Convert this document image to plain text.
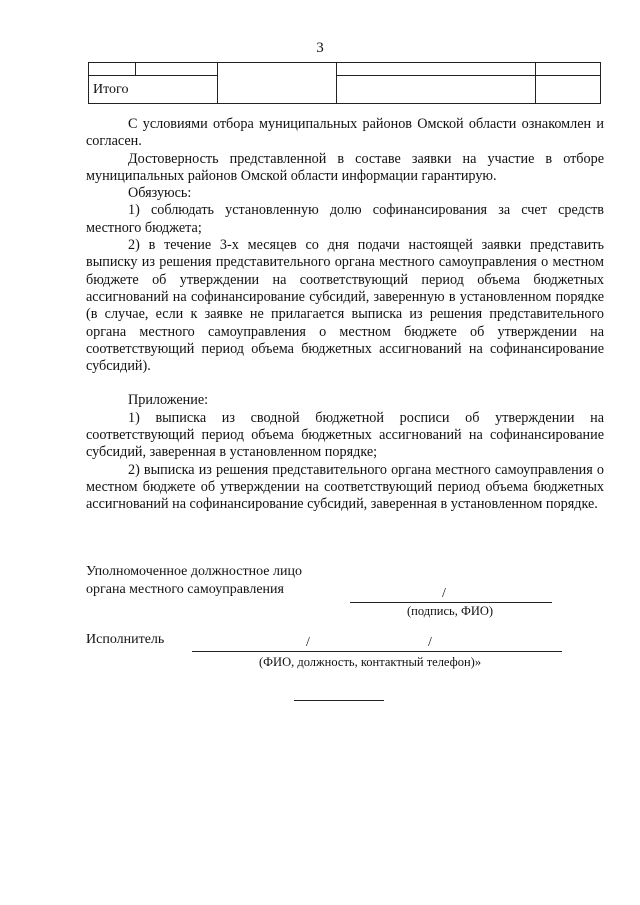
3

Итого				

С условиями отбора муниципальных районов Омской области ознакомлен и согласен.

Достоверность представленной в составе заявки на участие в отборе муниципальных районов Омской области информации гарантирую.

Обязуюсь:

1) соблюдать установленную долю софинансирования за счет средств местного бюджета;

2) в течение 3-х месяцев со дня подачи настоящей заявки представить выписку из решения представительного органа местного самоуправления о местном бюджете об утверждении на соответствующий период объема бюджетных ассигнований на софинансирование субсидий, заверенную в установленном порядке (в случае, если к заявке не прилагается выписка из решения представительного органа местного самоуправления о местном бюджете об утверждении на соответствующий период объема бюджетных ассигнований на софинансирование субсидий).

Приложение:

1) выписка из сводной бюджетной росписи об утверждении на соответствующий период объема бюджетных ассигнований на софинансирование субсидий, заверенная в установленном порядке;

2) выписка из решения представительного органа местного самоуправления о местном бюджете об утверждении на соответствующий период объема бюджетных ассигнований на софинансирование субсидий, заверенная в установленном порядке.

Уполномоченное должностное лицо
органа местного самоуправления	/
(подпись, ФИО)
Исполнитель	/	/
(ФИО, должность, контактный телефон)»
